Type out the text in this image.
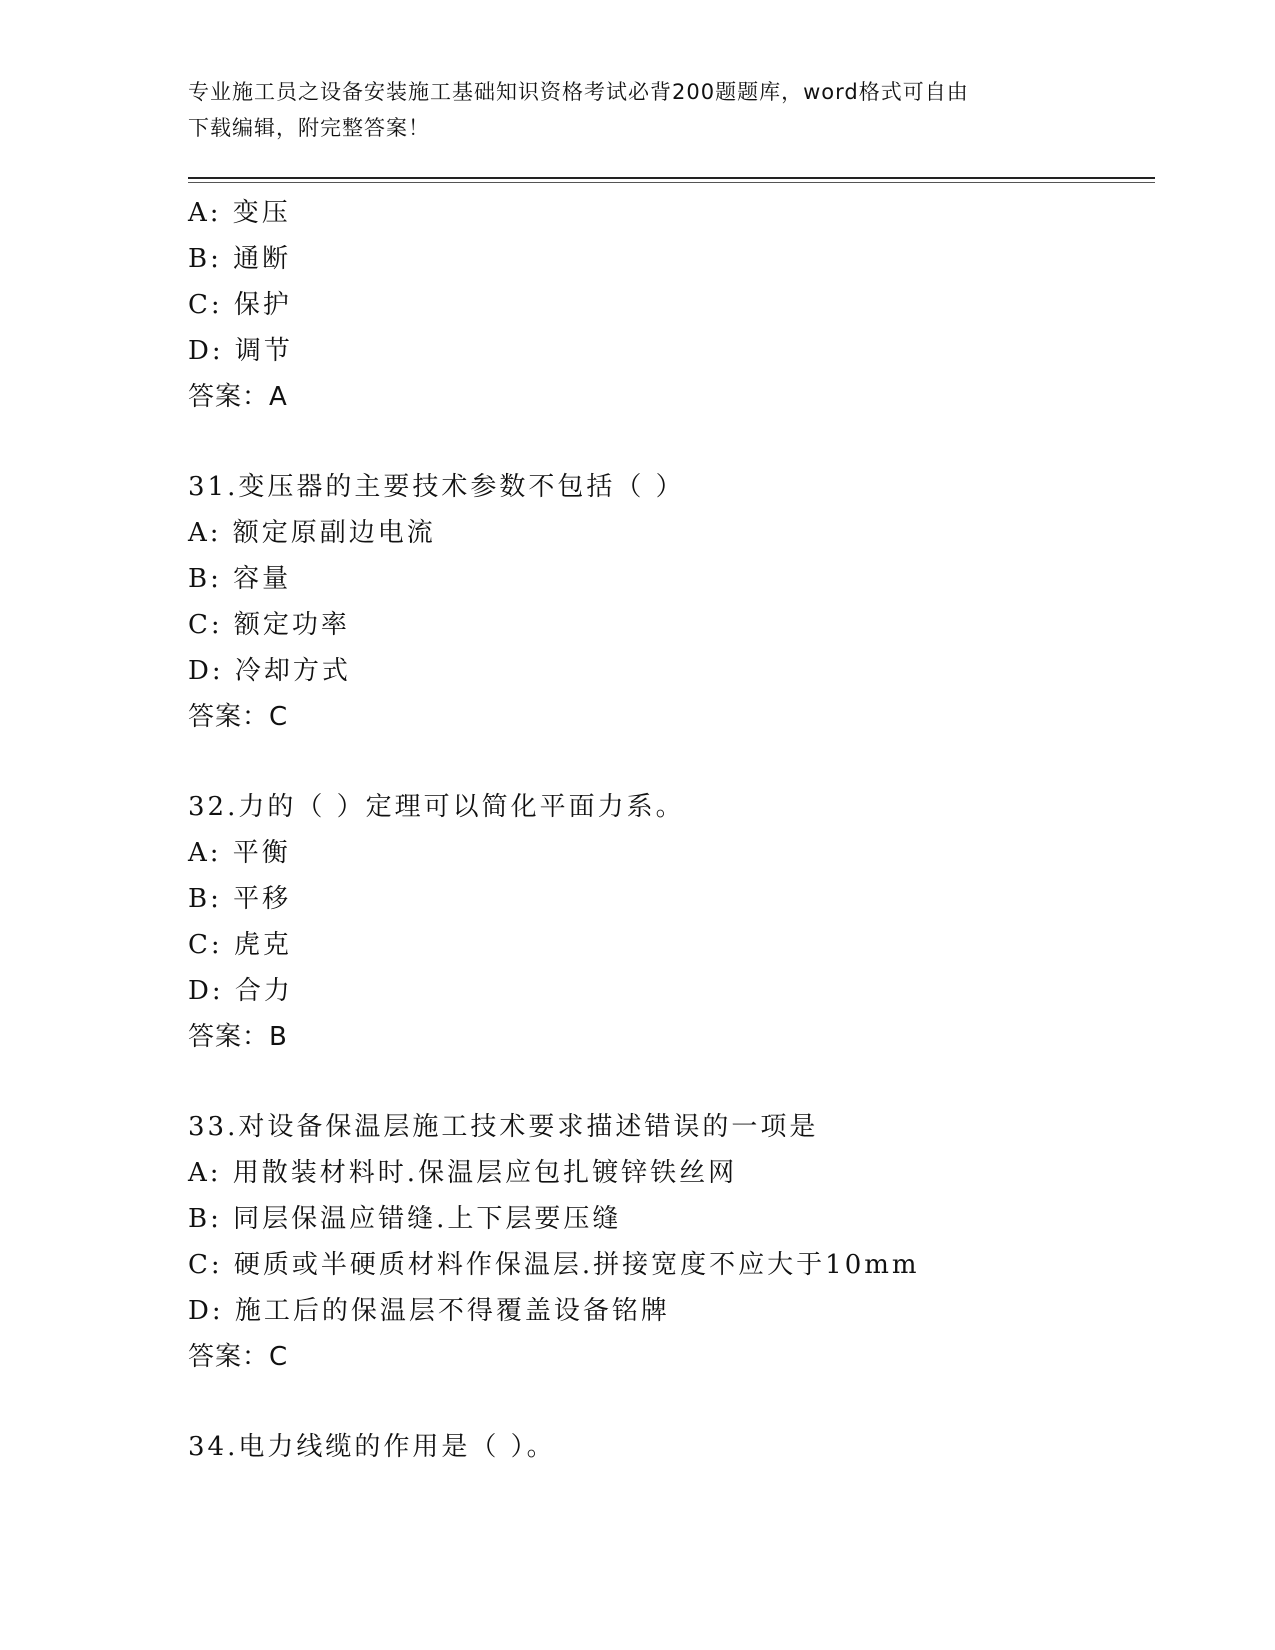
专业施工员之设备安装施工基础知识资格考试必背200题题库，word格式可自由
下载编辑，附完整答案！
A: 变压
B: 通断
C: 保护
D: 调节
答案：A
31.变压器的主要技术参数不包括（ ）
A: 额定原副边电流
B: 容量
C: 额定功率
D: 冷却方式
答案：C
32.力的（ ）定理可以简化平面力系。
A: 平衡
B: 平移
C: 虎克
D: 合力
答案：B
33.对设备保温层施工技术要求描述错误的一项是
A: 用散装材料时.保温层应包扎镀锌铁丝网
B: 同层保温应错缝.上下层要压缝
C: 硬质或半硬质材料作保温层.拼接宽度不应大于10mm
D: 施工后的保温层不得覆盖设备铭牌
答案：C
34.电力线缆的作用是（ ）。
